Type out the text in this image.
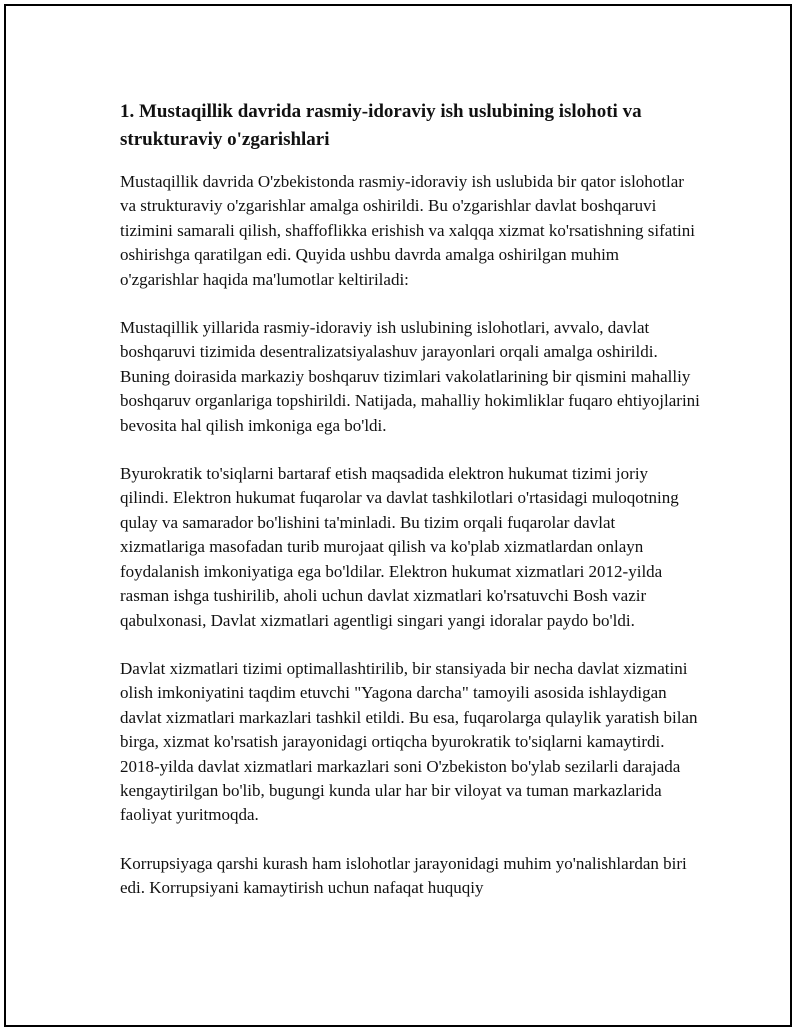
1. Mustaqillik davrida rasmiy-idoraviy ish uslubining islohoti va strukturaviy o'zgarishlari

Mustaqillik davrida O'zbekistonda rasmiy-idoraviy ish uslubida bir qator islohotlar va strukturaviy o'zgarishlar amalga oshirildi. Bu o'zgarishlar davlat boshqaruvi tizimini samarali qilish, shaffoflikka erishish va xalqqa xizmat ko'rsatishning sifatini oshirishga qaratilgan edi. Quyida ushbu davrda amalga oshirilgan muhim o'zgarishlar haqida ma'lumotlar keltiriladi:

Mustaqillik yillarida rasmiy-idoraviy ish uslubining islohotlari, avvalo, davlat boshqaruvi tizimida desentralizatsiyalashuv jarayonlari orqali amalga oshirildi. Buning doirasida markaziy boshqaruv tizimlari vakolatlarining bir qismini mahalliy boshqaruv organlariga topshirildi. Natijada, mahalliy hokimliklar fuqaro ehtiyojlarini bevosita hal qilish imkoniga ega bo'ldi.

Byurokratik to'siqlarni bartaraf etish maqsadida elektron hukumat tizimi joriy qilindi. Elektron hukumat fuqarolar va davlat tashkilotlari o'rtasidagi muloqotning qulay va samarador bo'lishini ta'minladi. Bu tizim orqali fuqarolar davlat xizmatlariga masofadan turib murojaat qilish va ko'plab xizmatlardan onlayn foydalanish imkoniyatiga ega bo'ldilar. Elektron hukumat xizmatlari 2012-yilda rasman ishga tushirilib, aholi uchun davlat xizmatlari ko'rsatuvchi Bosh vazir qabulxonasi, Davlat xizmatlari agentligi singari yangi idoralar paydo bo'ldi.

Davlat xizmatlari tizimi optimallashtirilib, bir stansiyada bir necha davlat xizmatini olish imkoniyatini taqdim etuvchi "Yagona darcha" tamoyili asosida ishlaydigan davlat xizmatlari markazlari tashkil etildi. Bu esa, fuqarolarga qulaylik yaratish bilan birga, xizmat ko'rsatish jarayonidagi ortiqcha byurokratik to'siqlarni kamaytirdi. 2018-yilda davlat xizmatlari markazlari soni O'zbekiston bo'ylab sezilarli darajada kengaytirilgan bo'lib, bugungi kunda ular har bir viloyat va tuman markazlarida faoliyat yuritmoqda.

Korrupsiyaga qarshi kurash ham islohotlar jarayonidagi muhim yo'nalishlardan biri edi. Korrupsiyani kamaytirish uchun nafaqat huquqiy
